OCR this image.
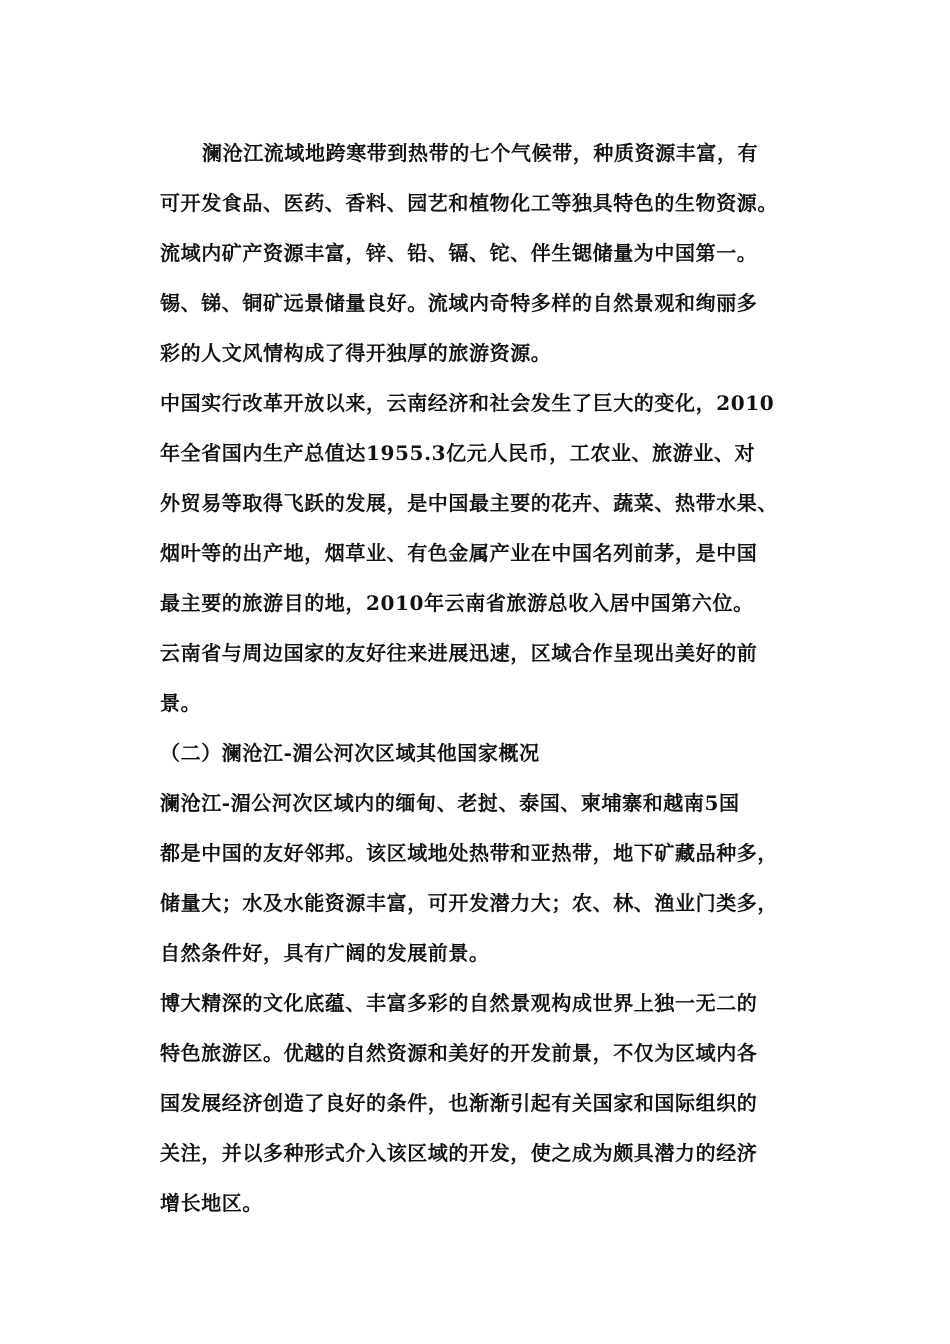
澜沧江流域地跨寒带到热带的七个气候带，种质资源丰富，有
可开发食品、医药、香料、园艺和植物化工等独具特色的生物资源。
流域内矿产资源丰富，锌、铅、镉、铊、伴生锶储量为中国第一。
锡、锑、铜矿远景储量良好。流域内奇特多样的自然景观和绚丽多
彩的人文风情构成了得开独厚的旅游资源。
中国实行改革开放以来，云南经济和社会发生了巨大的变化，2010
年全省国内生产总值达1955.3亿元人民币，工农业、旅游业、对
外贸易等取得飞跃的发展，是中国最主要的花卉、蔬菜、热带水果、
烟叶等的出产地，烟草业、有色金属产业在中国名列前茅，是中国
最主要的旅游目的地，2010年云南省旅游总收入居中国第六位。
云南省与周边国家的友好往来进展迅速，区域合作呈现出美好的前
景。
（二）澜沧江-湄公河次区域其他国家概况
澜沧江-湄公河次区域内的缅甸、老挝、泰国、柬埔寨和越南5国
都是中国的友好邻邦。该区域地处热带和亚热带，地下矿藏品种多，
储量大；水及水能资源丰富，可开发潜力大；农、林、渔业门类多，
自然条件好，具有广阔的发展前景。
博大精深的文化底蕴、丰富多彩的自然景观构成世界上独一无二的
特色旅游区。优越的自然资源和美好的开发前景，不仅为区域内各
国发展经济创造了良好的条件，也渐渐引起有关国家和国际组织的
关注，并以多种形式介入该区域的开发，使之成为颇具潜力的经济
增长地区。
